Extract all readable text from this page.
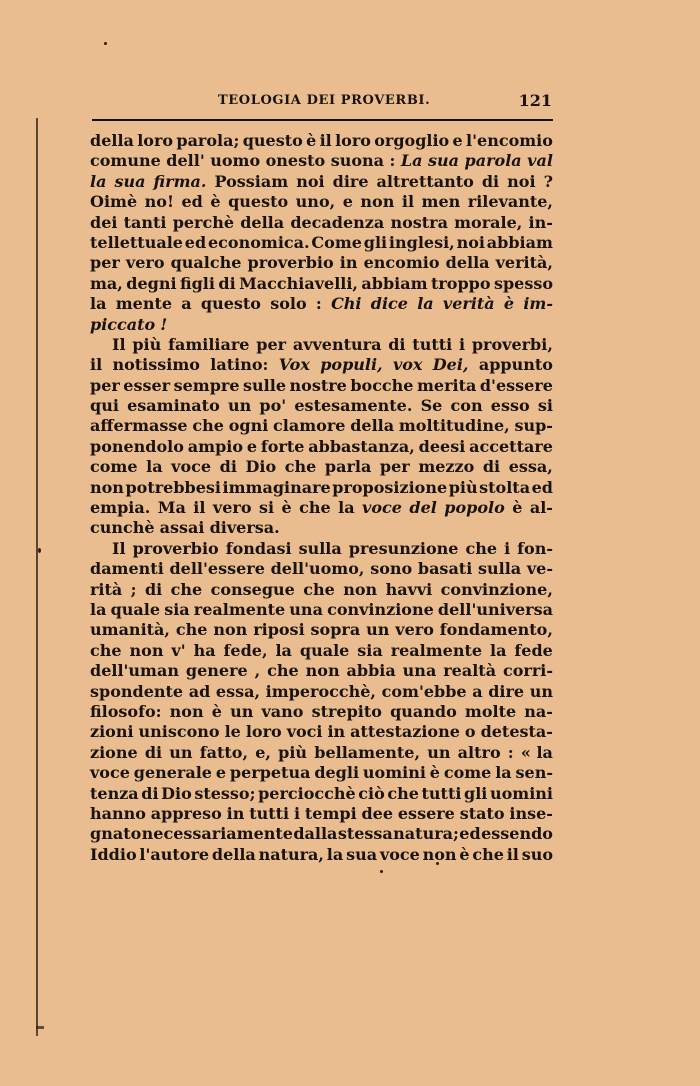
TEOLOGIA DEI PROVERBI.	121
della loro parola; questo è il loro orgoglio e l'encomio
comune dell' uomo onesto suona : La sua parola val
la sua firma. Possiam noi dire altrettanto di noi ?
Oimè no! ed è questo uno, e non il men rilevante,
dei tanti perchè della decadenza nostra morale, in-
tellettuale ed economica. Come gli inglesi, noi abbiam
per vero qualche proverbio in encomio della verità,
ma, degni figli di Macchiavelli, abbiam troppo spesso
la mente a questo solo : Chi dice la verità è im-
piccato !
Il più familiare per avventura di tutti i proverbi,
il notissimo latino: Vox populi, vox Dei, appunto
per esser sempre sulle nostre bocche merita d'essere
qui esaminato un po' estesamente. Se con esso si
affermasse che ogni clamore della moltitudine, sup-
ponendolo ampio e forte abbastanza, deesi accettare
come la voce di Dio che parla per mezzo di essa,
non potrebbesi immaginare proposizione più stolta ed
empia. Ma il vero si è che la voce del popolo è al-
cunchè assai diversa.
Il proverbio fondasi sulla presunzione che i fon-
damenti dell'essere dell'uomo, sono basati sulla ve-
rità ; di che consegue che non havvi convinzione,
la quale sia realmente una convinzione dell'universa
umanità, che non riposi sopra un vero fondamento,
che non v' ha fede, la quale sia realmente la fede
dell'uman genere , che non abbia una realtà corri-
spondente ad essa, imperocchè, com'ebbe a dire un
filosofo: non è un vano strepito quando molte na-
zioni uniscono le loro voci in attestazione o detesta-
zione di un fatto, e, più bellamente, un altro : « la
voce generale e perpetua degli uomini è come la sen-
tenza di Dio stesso; perciocchè ciò che tutti gli uomini
hanno appreso in tutti i tempi dee essere stato inse-
gnato necessariamente dalla stessa natura; ed essendo
Iddio l'autore della natura, la sua voce non è che il suo
